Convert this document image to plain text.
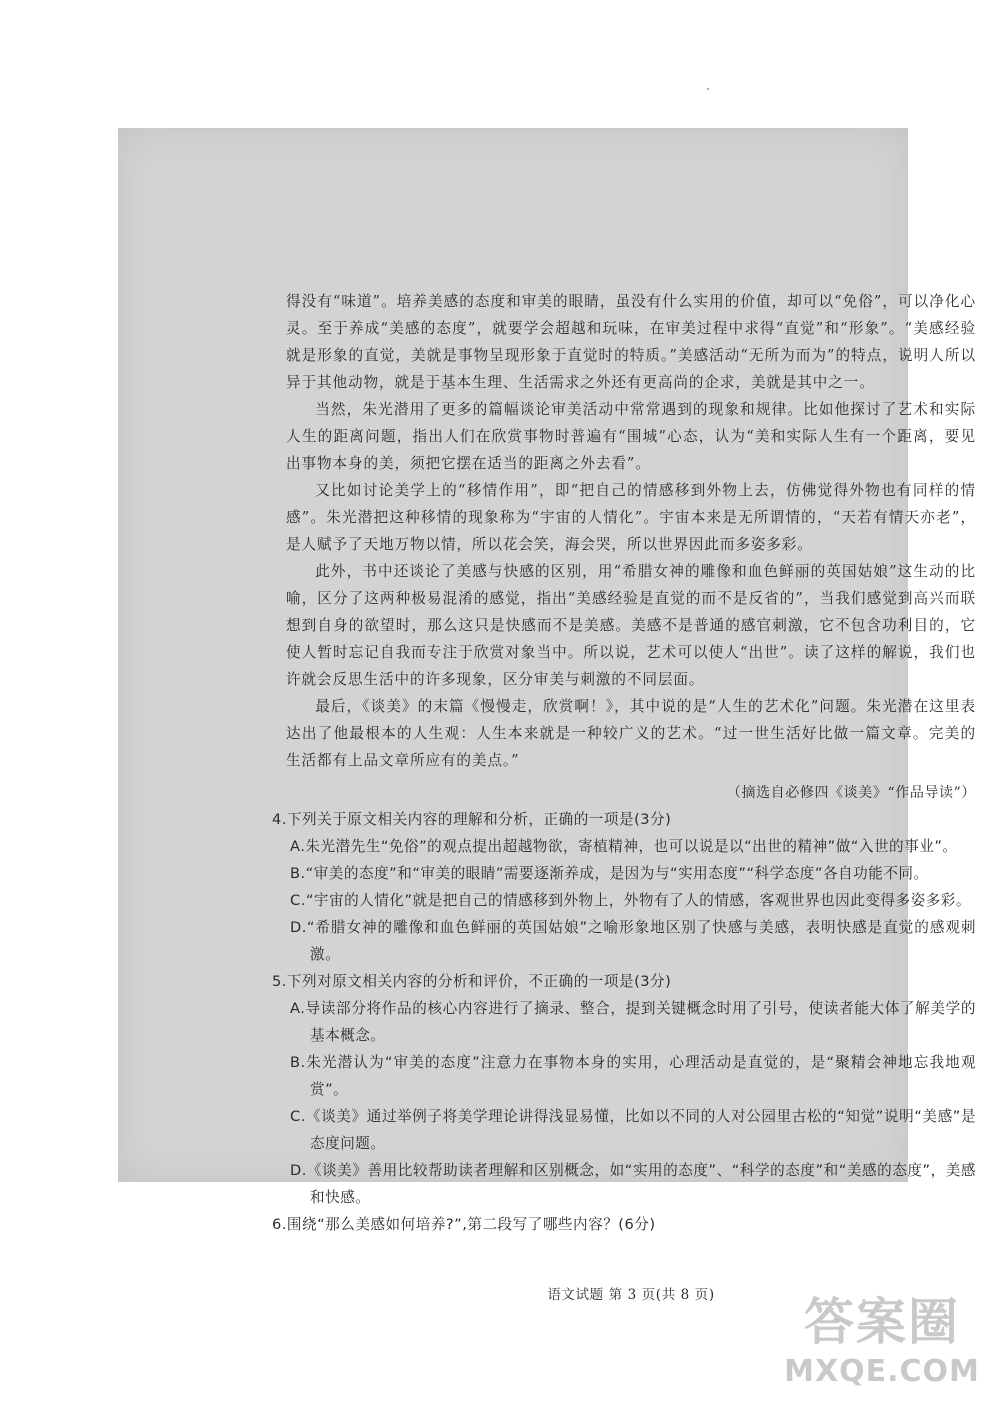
得没有“味道”。培养美感的态度和审美的眼睛，虽没有什么实用的价值，却可以“免俗”，可以净化心灵。至于养成“美感的态度”，就要学会超越和玩味，在审美过程中求得“直觉”和“形象”。“美感经验就是形象的直觉，美就是事物呈现形象于直觉时的特质。”美感活动“无所为而为”的特点，说明人所以异于其他动物，就是于基本生理、生活需求之外还有更高尚的企求，美就是其中之一。

当然，朱光潜用了更多的篇幅谈论审美活动中常常遇到的现象和规律。比如他探讨了艺术和实际人生的距离问题，指出人们在欣赏事物时普遍有“围城”心态，认为“美和实际人生有一个距离，要见出事物本身的美，须把它摆在适当的距离之外去看”。

又比如讨论美学上的“移情作用”，即“把自己的情感移到外物上去，仿佛觉得外物也有同样的情感”。朱光潜把这种移情的现象称为“宇宙的人情化”。宇宙本来是无所谓情的，“天若有情天亦老”，是人赋予了天地万物以情，所以花会笑，海会哭，所以世界因此而多姿多彩。

此外，书中还谈论了美感与快感的区别，用“希腊女神的雕像和血色鲜丽的英国姑娘”这生动的比喻，区分了这两种极易混淆的感觉，指出“美感经验是直觉的而不是反省的”，当我们感觉到高兴而联想到自身的欲望时，那么这只是快感而不是美感。美感不是普通的感官刺激，它不包含功利目的，它使人暂时忘记自我而专注于欣赏对象当中。所以说，艺术可以使人“出世”。读了这样的解说，我们也许就会反思生活中的许多现象，区分审美与刺激的不同层面。

最后，《谈美》的末篇《慢慢走，欣赏啊！》，其中说的是“人生的艺术化”问题。朱光潜在这里表达出了他最根本的人生观：人生本来就是一种较广义的艺术。“过一世生活好比做一篇文章。完美的生活都有上品文章所应有的美点。”

（摘选自必修四《谈美》“作品导读”）

4.下列关于原文相关内容的理解和分析，正确的一项是(3分)

A.朱光潜先生“免俗”的观点提出超越物欲，寄植精神，也可以说是以“出世的精神”做“入世的事业”。

B.“审美的态度”和“审美的眼睛”需要逐渐养成，是因为与“实用态度”“科学态度”各自功能不同。

C.“宇宙的人情化”就是把自己的情感移到外物上，外物有了人的情感，客观世界也因此变得多姿多彩。

D.“希腊女神的雕像和血色鲜丽的英国姑娘”之喻形象地区别了快感与美感，表明快感是直觉的感观刺激。

5.下列对原文相关内容的分析和评价，不正确的一项是(3分)

A.导读部分将作品的核心内容进行了摘录、整合，提到关键概念时用了引号，使读者能大体了解美学的基本概念。

B.朱光潜认为“审美的态度”注意力在事物本身的实用，心理活动是直觉的，是“聚精会神地忘我地观赏”。

C.《谈美》通过举例子将美学理论讲得浅显易懂，比如以不同的人对公园里古松的“知觉”说明“美感”是态度问题。

D.《谈美》善用比较帮助读者理解和区别概念，如“实用的态度”、“科学的态度”和“美感的态度”，美感和快感。

6.围绕“那么美感如何培养?”,第二段写了哪些内容？(6分)

语文试题 第 3 页(共 8 页)	答案圈
MXQE.COM
